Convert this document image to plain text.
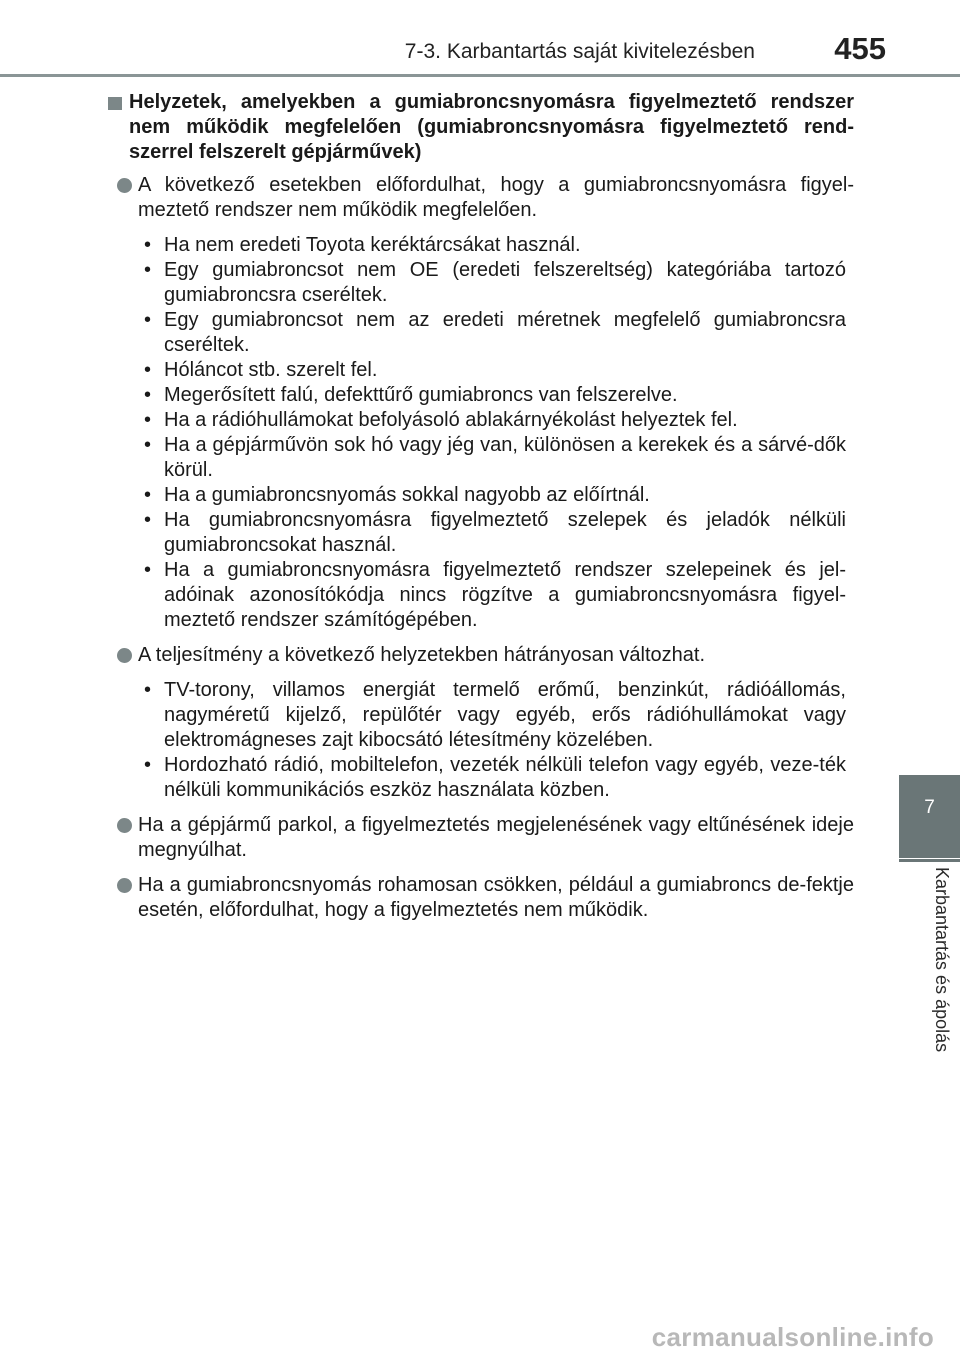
7-3. Karbantartás saját kivitelezésben	455
7
Karbantartás és ápolás
Helyzetek, amelyekben a gumiabroncsnyomásra figyelmeztető rendszer nem működik megfelelően (gumiabroncsnyomásra figyelmeztető rend-szerrel felszerelt gépjárművek)
A következő esetekben előfordulhat, hogy a gumiabroncsnyomásra figyel-meztető rendszer nem működik megfelelően.
• Ha nem eredeti Toyota keréktárcsákat használ.
• Egy gumiabroncsot nem OE (eredeti felszereltség) kategóriába tartozó gumiabroncsra cseréltek.
• Egy gumiabroncsot nem az eredeti méretnek megfelelő gumiabroncsra cseréltek.
• Hóláncot stb. szerelt fel.
• Megerősített falú, defekttűrő gumiabroncs van felszerelve.
• Ha a rádióhullámokat befolyásoló ablakárnyékolást helyeztek fel.
• Ha a gépjárművön sok hó vagy jég van, különösen a kerekek és a sárvé-dők körül.
• Ha a gumiabroncsnyomás sokkal nagyobb az előírtnál.
• Ha gumiabroncsnyomásra figyelmeztető szelepek és jeladók nélküli gumiabroncsokat használ.
• Ha a gumiabroncsnyomásra figyelmeztető rendszer szelepeinek és jel-adóinak azonosítókódja nincs rögzítve a gumiabroncsnyomásra figyel-meztető rendszer számítógépében.
A teljesítmény a következő helyzetekben hátrányosan változhat.
• TV-torony, villamos energiát termelő erőmű, benzinkút, rádióállomás, nagyméretű kijelző, repülőtér vagy egyéb, erős rádióhullámokat vagy elektromágneses zajt kibocsátó létesítmény közelében.
• Hordozható rádió, mobiltelefon, vezeték nélküli telefon vagy egyéb, veze-ték nélküli kommunikációs eszköz használata közben.
Ha a gépjármű parkol, a figyelmeztetés megjelenésének vagy eltűnésének ideje megnyúlhat.
Ha a gumiabroncsnyomás rohamosan csökken, például a gumiabroncs de-fektje esetén, előfordulhat, hogy a figyelmeztetés nem működik.
carmanualsonline.info
